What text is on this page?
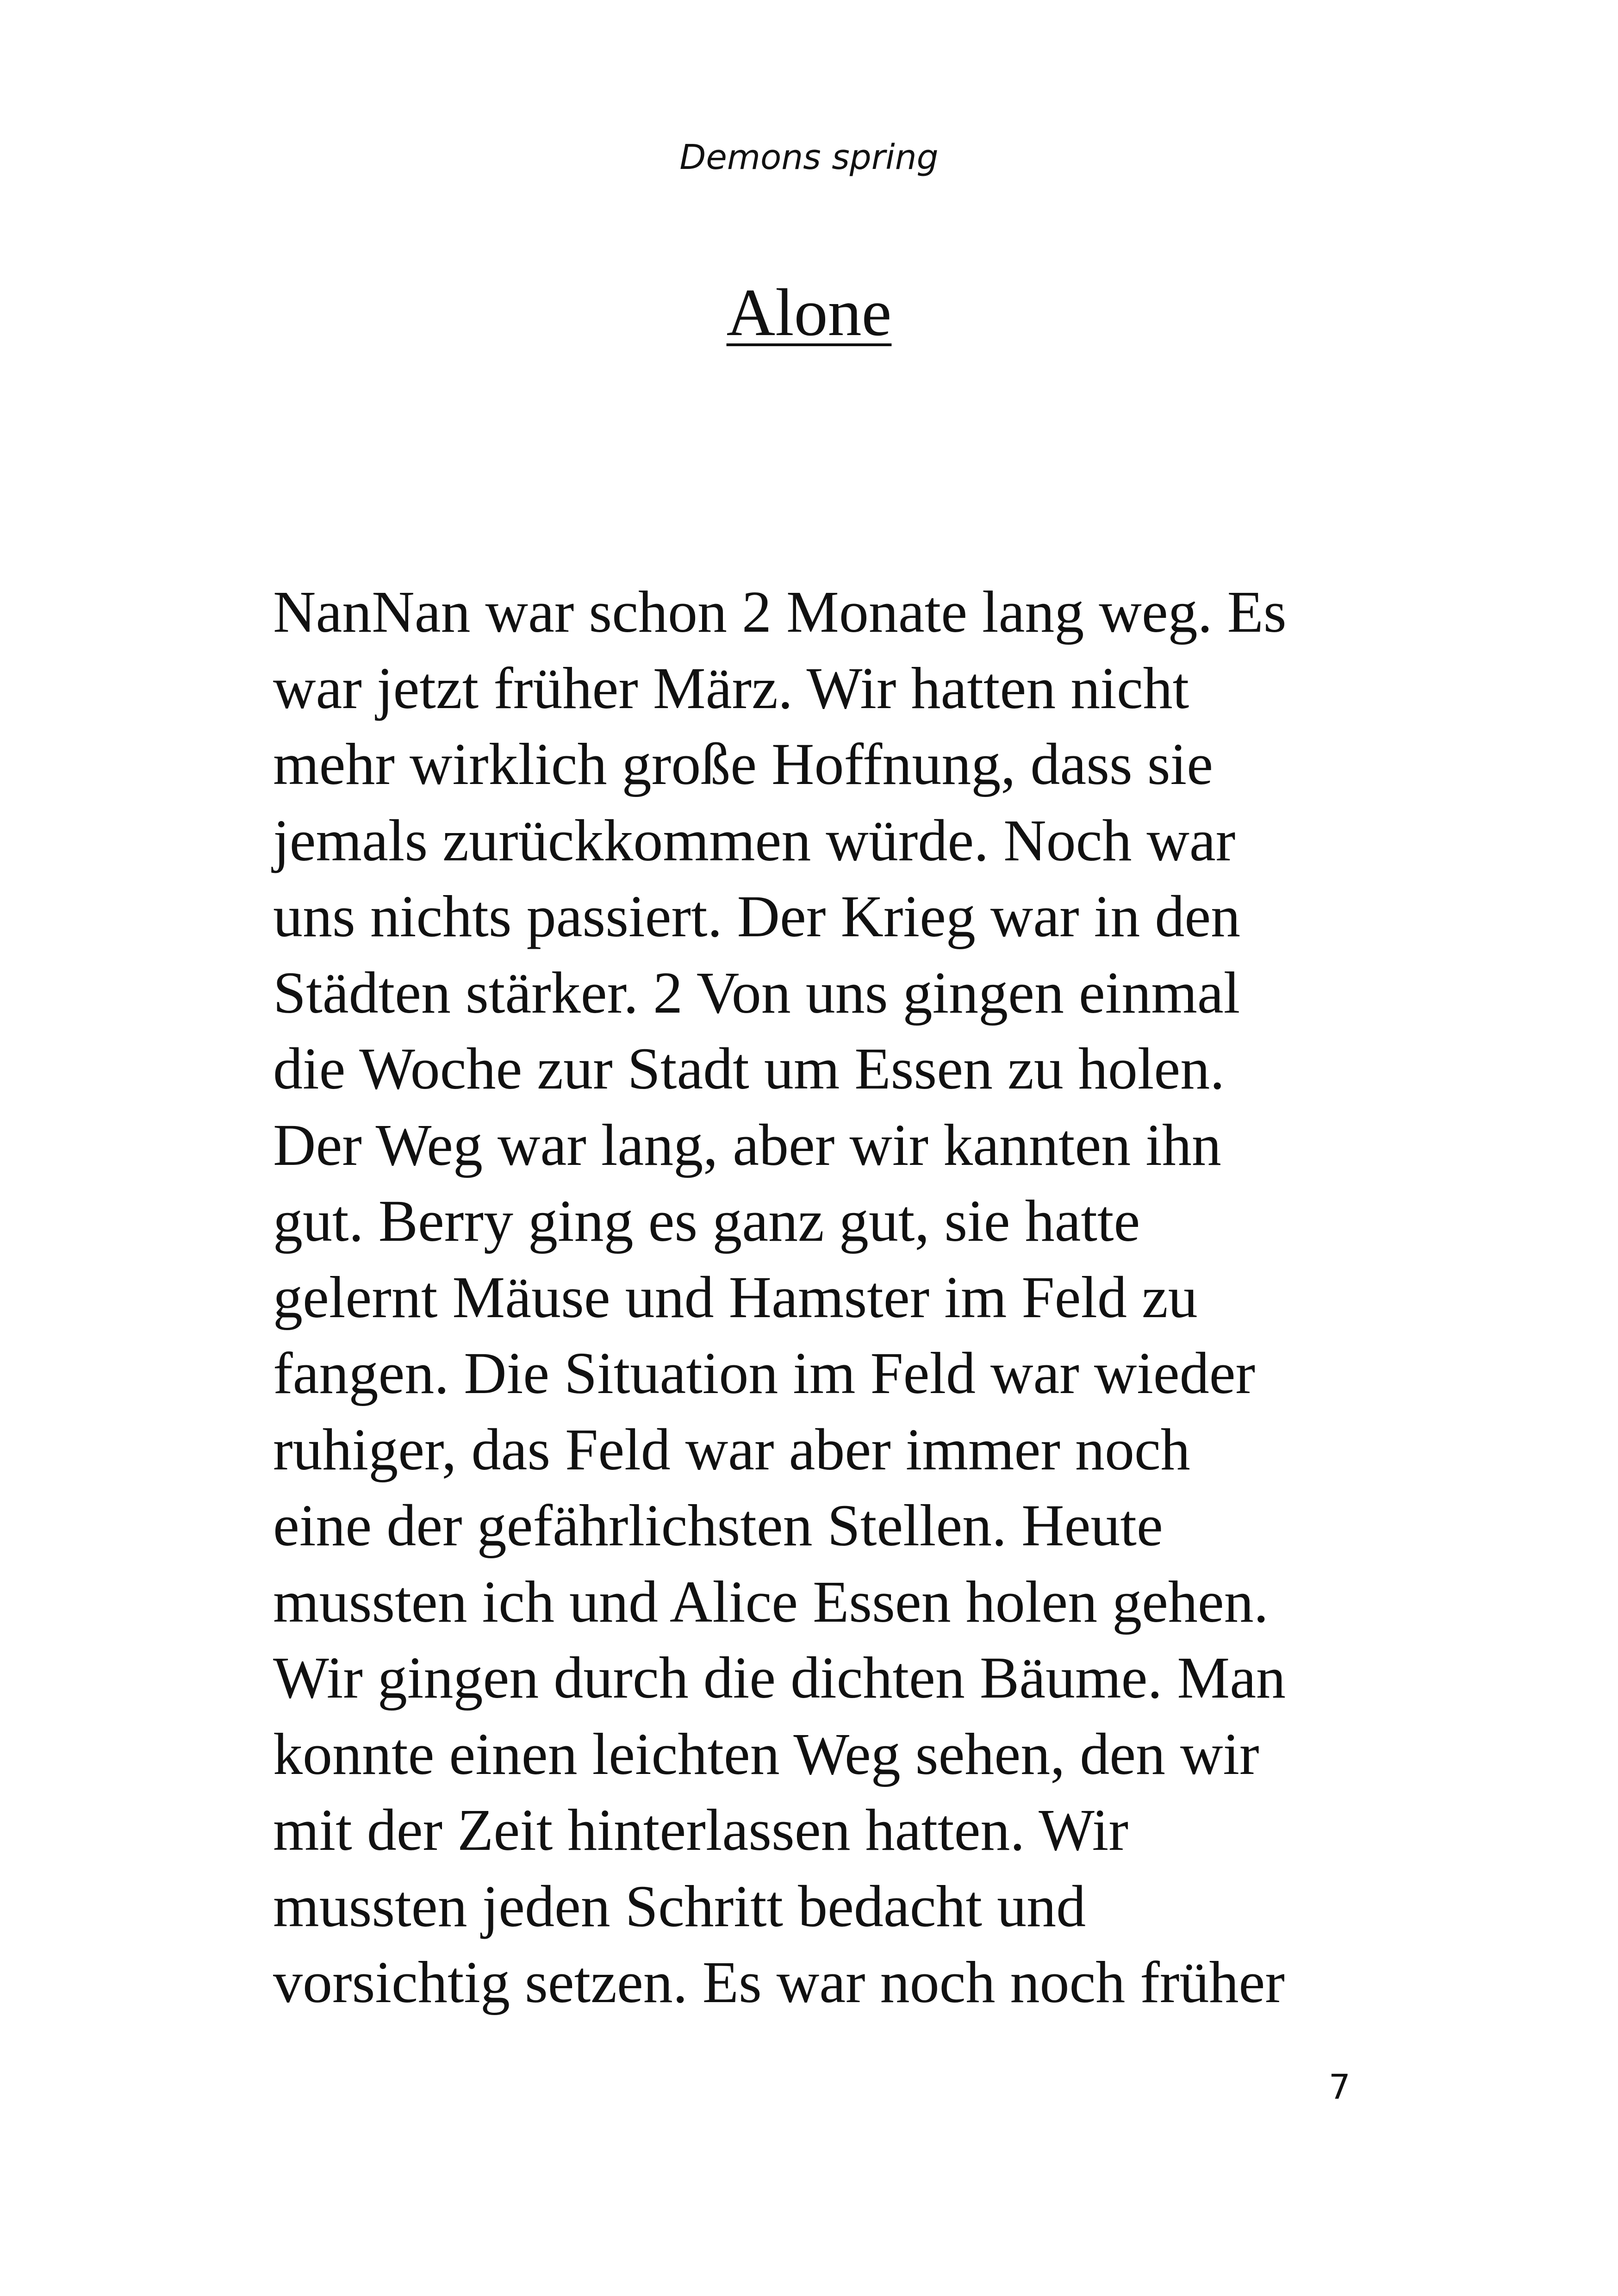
Demons spring
Alone
NanNan war schon 2 Monate lang weg. Es
war jetzt früher März. Wir hatten nicht
mehr wirklich große Hoffnung, dass sie
jemals zurückkommen würde. Noch war
uns nichts passiert. Der Krieg war in den
Städten stärker. 2 Von uns gingen einmal
die Woche zur Stadt um Essen zu holen.
Der Weg war lang, aber wir kannten ihn
gut. Berry ging es ganz gut, sie hatte
gelernt Mäuse und Hamster im Feld zu
fangen. Die Situation im Feld war wieder
ruhiger, das Feld war aber immer noch
eine der gefährlichsten Stellen. Heute
mussten ich und Alice Essen holen gehen.
Wir gingen durch die dichten Bäume. Man
konnte einen leichten Weg sehen, den wir
mit der Zeit hinterlassen hatten. Wir
mussten jeden Schritt bedacht und
vorsichtig setzen. Es war noch noch früher
7
